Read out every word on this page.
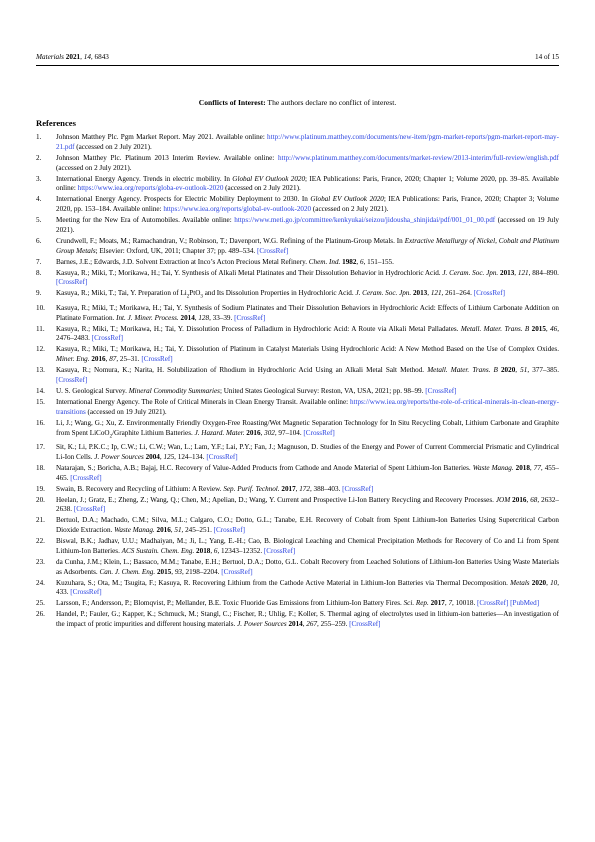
Materials 2021, 14, 6843	14 of 15
Conflicts of Interest: The authors declare no conflict of interest.
References
1. Johnson Matthey Plc. Pgm Market Report. May 2021. Available online: http://www.platinum.matthey.com/documents/new-item/pgm-market-reports/pgm-market-report-may-21.pdf (accessed on 2 July 2021).
2. Johnson Matthey Plc. Platinum 2013 Interim Review. Available online: http://www.platinum.matthey.com/documents/market-review/2013-interim/full-review/english.pdf (accessed on 2 July 2021).
3. International Energy Agency. Trends in electric mobility. In Global EV Outlook 2020; IEA Publications: Paris, France, 2020; Chapter 1; Volume 2020, pp. 39–85. Available online: https://www.iea.org/reports/globa-ev-outlook-2020 (accessed on 2 July 2021).
4. International Energy Agency. Prospects for Electric Mobility Deployment to 2030. In Global EV Outlook 2020; IEA Publications: Paris, France, 2020; Chapter 3; Volume 2020, pp. 153–184. Available online: https://www.iea.org/reports/global-ev-outlook-2020 (accessed on 2 July 2021).
5. Meeting for the New Era of Automobiles. Available online: https://www.meti.go.jp/committee/kenkyukai/seizou/jidousha_shinjidai/pdf/001_01_00.pdf (accessed on 19 July 2021).
6. Crundwell, F.; Moats, M.; Ramachandran, V.; Robinson, T.; Davenport, W.G. Refining of the Platinum-Group Metals. In Extractive Metallurgy of Nickel, Cobalt and Platinum Group Metals; Elsevier: Oxford, UK, 2011; Chapter 37; pp. 489–534. [CrossRef]
7. Barnes, J.E.; Edwards, J.D. Solvent Extraction at Inco’s Acton Precious Metal Refinery. Chem. Ind. 1982, 6, 151–155.
8. Kasuya, R.; Miki, T.; Morikawa, H.; Tai, Y. Synthesis of Alkali Metal Platinates and Their Dissolution Behavior in Hydrochloric Acid. J. Ceram. Soc. Jpn. 2013, 121, 884–890. [CrossRef]
9. Kasuya, R.; Miki, T.; Tai, Y. Preparation of $Li_2PtO_3$ and Its Dissolution Properties in Hydrochloric Acid. J. Ceram. Soc. Jpn. 2013, 121, 261–264. [CrossRef]
10. Kasuya, R.; Miki, T.; Morikawa, H.; Tai, Y. Synthesis of Sodium Platinates and Their Dissolution Behaviors in Hydrochloric Acid: Effects of Lithium Carbonate Addition on Platinate Formation. Int. J. Miner. Process. 2014, 128, 33–39. [CrossRef]
11. Kasuya, R.; Miki, T.; Morikawa, H.; Tai, Y. Dissolution Process of Palladium in Hydrochloric Acid: A Route via Alkali Metal Palladates. Metall. Mater. Trans. B 2015, 46, 2476–2483. [CrossRef]
12. Kasuya, R.; Miki, T.; Morikawa, H.; Tai, Y. Dissolution of Platinum in Catalyst Materials Using Hydrochloric Acid: A New Method Based on the Use of Complex Oxides. Miner. Eng. 2016, 87, 25–31. [CrossRef]
13. Kasuya, R.; Nomura, K.; Narita, H. Solubilization of Rhodium in Hydrochloric Acid Using an Alkali Metal Salt Method. Metall. Mater. Trans. B 2020, 51, 377–385. [CrossRef]
14. U. S. Geological Survey. Mineral Commodity Summaries; United States Geological Survey: Reston, VA, USA, 2021; pp. 98–99. [CrossRef]
15. International Energy Agency. The Role of Critical Minerals in Clean Energy Transit. Available online: https://www.iea.org/reports/the-role-of-critical-minerals-in-clean-energy-transitions (accessed on 19 July 2021).
16. Li, J.; Wang, G.; Xu, Z. Environmentally Friendly Oxygen-Free Roasting/Wet Magnetic Separation Technology for In Situ Recycling Cobalt, Lithium Carbonate and Graphite from Spent LiCoO$_2$/Graphite Lithium Batteries. J. Hazard. Mater. 2016, 302, 97–104. [CrossRef]
17. Sit, K.; Li, P.K.C.; Ip, C.W.; Li, C.W.; Wan, L.; Lam, Y.F.; Lai, P.Y.; Fan, J.; Magnuson, D. Studies of the Energy and Power of Current Commercial Prismatic and Cylindrical Li-Ion Cells. J. Power Sources 2004, 125, 124–134. [CrossRef]
18. Natarajan, S.; Boricha, A.B.; Bajaj, H.C. Recovery of Value-Added Products from Cathode and Anode Material of Spent Lithium-Ion Batteries. Waste Manag. 2018, 77, 455–465. [CrossRef]
19. Swain, B. Recovery and Recycling of Lithium: A Review. Sep. Purif. Technol. 2017, 172, 388–403. [CrossRef]
20. Heelan, J.; Gratz, E.; Zheng, Z.; Wang, Q.; Chen, M.; Apelian, D.; Wang, Y. Current and Prospective Li-Ion Battery Recycling and Recovery Processes. JOM 2016, 68, 2632–2638. [CrossRef]
21. Bertuol, D.A.; Machado, C.M.; Silva, M.L.; Calgaro, C.O.; Dotto, G.L.; Tanabe, E.H. Recovery of Cobalt from Spent Lithium-Ion Batteries Using Supercritical Carbon Dioxide Extraction. Waste Manag. 2016, 51, 245–251. [CrossRef]
22. Biswal, B.K.; Jadhav, U.U.; Madhaiyan, M.; Ji, L.; Yang, E.-H.; Cao, B. Biological Leaching and Chemical Precipitation Methods for Recovery of Co and Li from Spent Lithium-Ion Batteries. ACS Sustain. Chem. Eng. 2018, 6, 12343–12352. [CrossRef]
23. da Cunha, J.M.; Klein, L.; Bassaco, M.M.; Tanabe, E.H.; Bertuol, D.A.; Dotto, G.L. Cobalt Recovery from Leached Solutions of Lithium-Ion Batteries Using Waste Materials as Adsorbents. Can. J. Chem. Eng. 2015, 93, 2198–2204. [CrossRef]
24. Kuzuhara, S.; Ota, M.; Tsugita, F.; Kasuya, R. Recovering Lithium from the Cathode Active Material in Lithium-Ion Batteries via Thermal Decomposition. Metals 2020, 10, 433. [CrossRef]
25. Larsson, F.; Andersson, P.; Blomqvist, P.; Mellander, B.E. Toxic Fluoride Gas Emissions from Lithium-Ion Battery Fires. Sci. Rep. 2017, 7, 10018. [CrossRef] [PubMed]
26. Handel, P.; Fauler, G.; Kapper, K.; Schmuck, M.; Stangl, C.; Fischer, R.; Uhlig, F.; Koller, S. Thermal aging of electrolytes used in lithium-ion batteries—An investigation of the impact of protic impurities and different housing materials. J. Power Sources 2014, 267, 255–259. [CrossRef]
